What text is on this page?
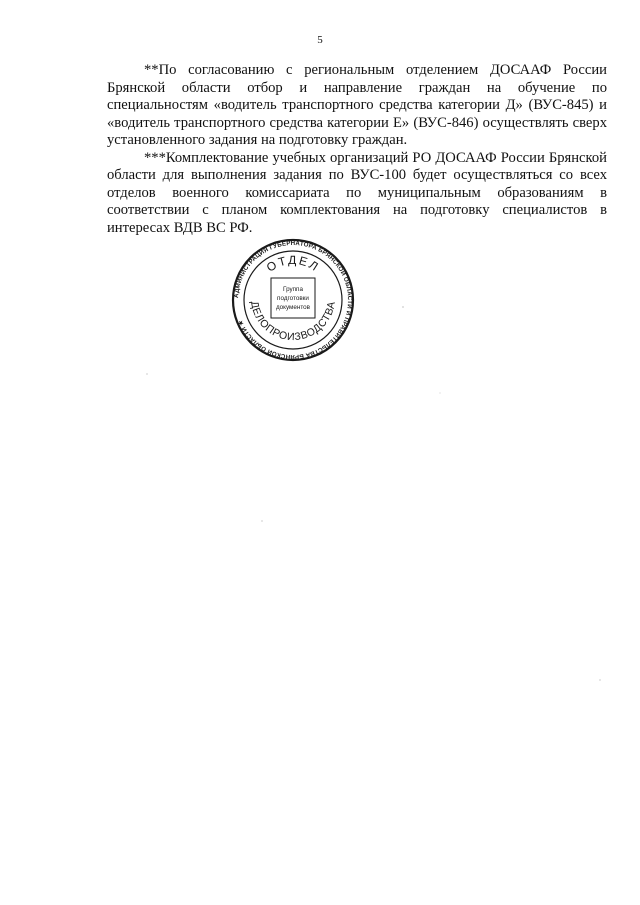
5

**По согласованию с региональным отделением ДОСААФ России Брянской области отбор и направление граждан на обучение по специальностям «водитель транспортного средства категории Д» (ВУС-845) и «водитель транспортного средства категории Е» (ВУС-846) осуществлять сверх установленного задания на подготовку граждан.

***Комплектование учебных организаций РО ДОСААФ России Брянской области для выполнения задания по ВУС-100 будет осуществляться со всех отделов военного комиссариата по муниципальным образованиям в соответствии с планом комплектования на подготовку специалистов в интересах ВДВ ВС РФ.

АДМИНИСТРАЦИЯ ГУБЕРНАТОРА БРЯНСКОЙ ОБЛАСТИ И ПРАВИТЕЛЬСТВА БРЯНСКОЙ ОБЛАСТИ ★
ОТДЕЛ
ДЕЛОПРОИЗВОДСТВА
Группа
подготовки
документов
